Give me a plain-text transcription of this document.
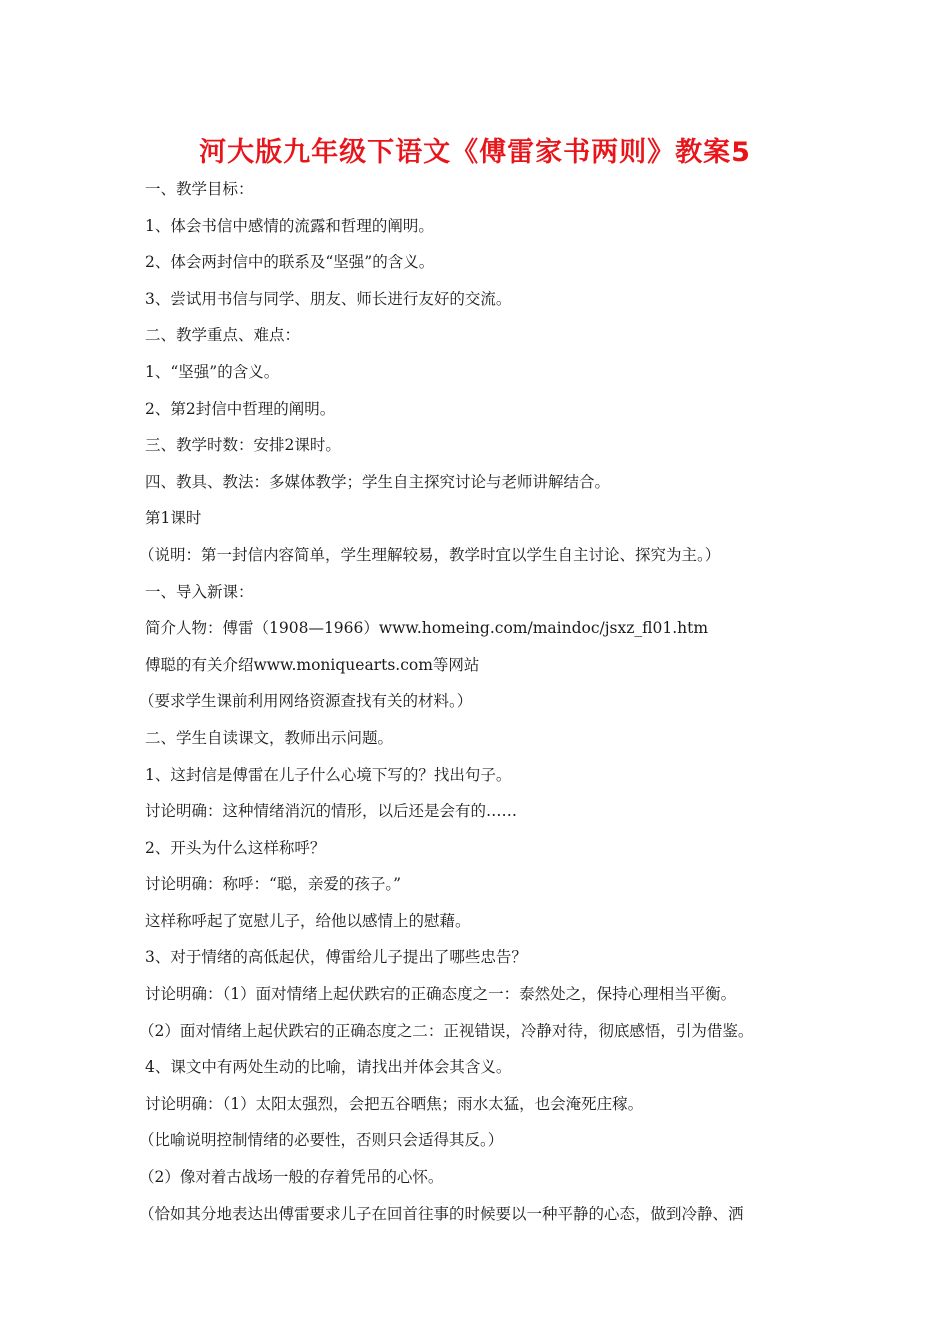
河大版九年级下语文《傅雷家书两则》教案5

一、教学目标：

1、体会书信中感情的流露和哲理的阐明。

2、体会两封信中的联系及“坚强”的含义。

3、尝试用书信与同学、朋友、师长进行友好的交流。

二、教学重点、难点：

1、“坚强”的含义。

2、第2封信中哲理的阐明。

三、教学时数：安排2课时。

四、教具、教法：多媒体教学；学生自主探究讨论与老师讲解结合。

第1课时

（说明：第一封信内容简单，学生理解较易，教学时宜以学生自主讨论、探究为主。）

一、导入新课：

简介人物：傅雷（1908—1966）www.homeing.com/maindoc/jsxz_fl01.htm

傅聪的有关介绍www.moniquearts.com等网站

（要求学生课前利用网络资源查找有关的材料。）

二、学生自读课文，教师出示问题。

1、这封信是傅雷在儿子什么心境下写的？找出句子。

讨论明确：这种情绪消沉的情形，以后还是会有的……

2、开头为什么这样称呼？

讨论明确：称呼：“聪，亲爱的孩子。”

这样称呼起了宽慰儿子，给他以感情上的慰藉。

3、对于情绪的高低起伏，傅雷给儿子提出了哪些忠告？

讨论明确：（1）面对情绪上起伏跌宕的正确态度之一：泰然处之，保持心理相当平衡。

（2）面对情绪上起伏跌宕的正确态度之二：正视错误，冷静对待，彻底感悟，引为借鉴。

4、课文中有两处生动的比喻，请找出并体会其含义。

讨论明确：（1）太阳太强烈，会把五谷晒焦；雨水太猛，也会淹死庄稼。

（比喻说明控制情绪的必要性，否则只会适得其反。）

（2）像对着古战场一般的存着凭吊的心怀。

（恰如其分地表达出傅雷要求儿子在回首往事的时候要以一种平静的心态，做到冷静、洒
